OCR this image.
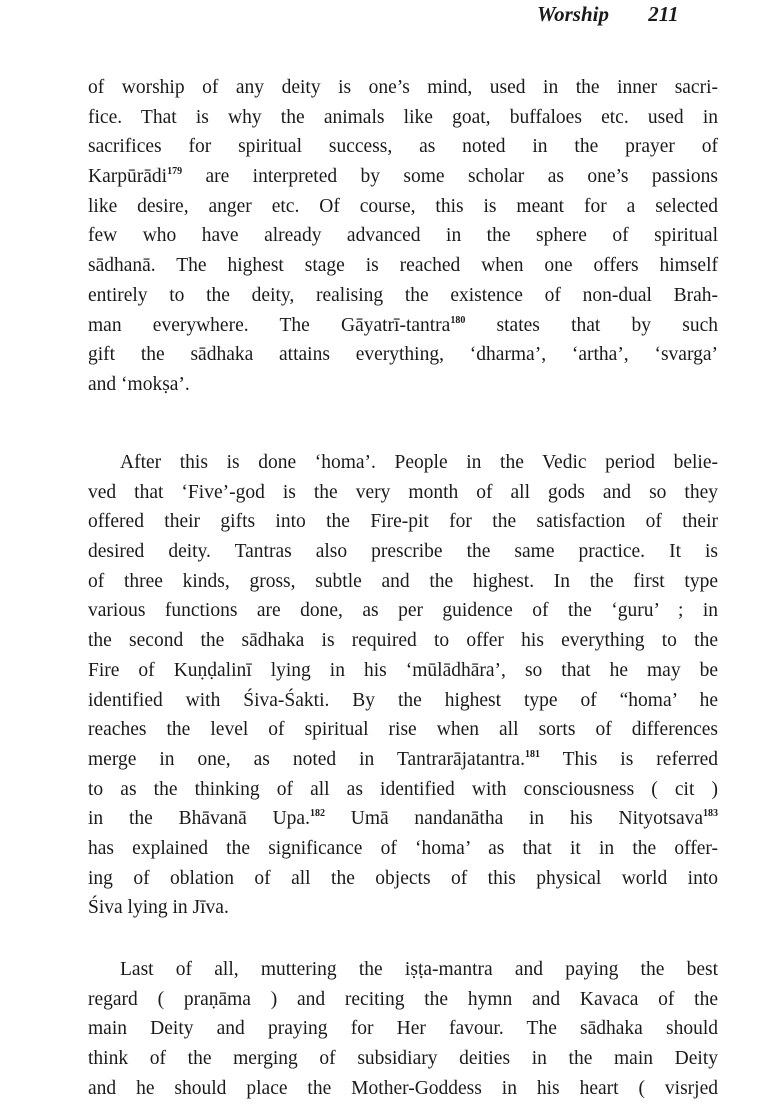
Worship 211
of worship of any deity is one’s mind, used in the inner sacri-
fice. That is why the animals like goat, buffaloes etc. used in
sacrifices for spiritual success, as noted in the prayer of
Karpūrādi$^{179}$ are interpreted by some scholar as one’s passions
like desire, anger etc. Of course, this is meant for a selected
few who have already advanced in the sphere of spiritual
sādhanā. The highest stage is reached when one offers himself
entirely to the deity, realising the existence of non-dual Brah-
man everywhere. The Gāyatrī-tantra$^{180}$ states that by such
gift the sādhaka attains everything, ‘dharma’, ‘artha’, ‘svarga’
and ‘mokṣa’.
After this is done ‘homa’. People in the Vedic period belie-
ved that ‘Five’-god is the very month of all gods and so they
offered their gifts into the Fire-pit for the satisfaction of their
desired deity. Tantras also prescribe the same practice. It is
of three kinds, gross, subtle and the highest. In the first type
various functions are done, as per guidence of the ‘guru’ ; in
the second the sādhaka is required to offer his everything to the
Fire of Kuṇḍalinī lying in his ‘mūlādhāra’, so that he may be
identified with Śiva-Śakti. By the highest type of “homa’ he
reaches the level of spiritual rise when all sorts of differences
merge in one, as noted in Tantrarājatantra.$^{181}$ This is referred
to as the thinking of all as identified with consciousness ( cit )
in the Bhāvanā Upa.$^{182}$ Umā nandanātha in his Nityotsava$^{183}$
has explained the significance of ‘homa’ as that it in the offer-
ing of oblation of all the objects of this physical world into
Śiva lying in Jīva.
Last of all, muttering the iṣṭa-mantra and paying the best
regard ( praṇāma ) and reciting the hymn and Kavaca of the
main Deity and praying for Her favour. The sādhaka should
think of the merging of subsidiary deities in the main Deity
and he should place the Mother-Goddess in his heart ( visrjed
